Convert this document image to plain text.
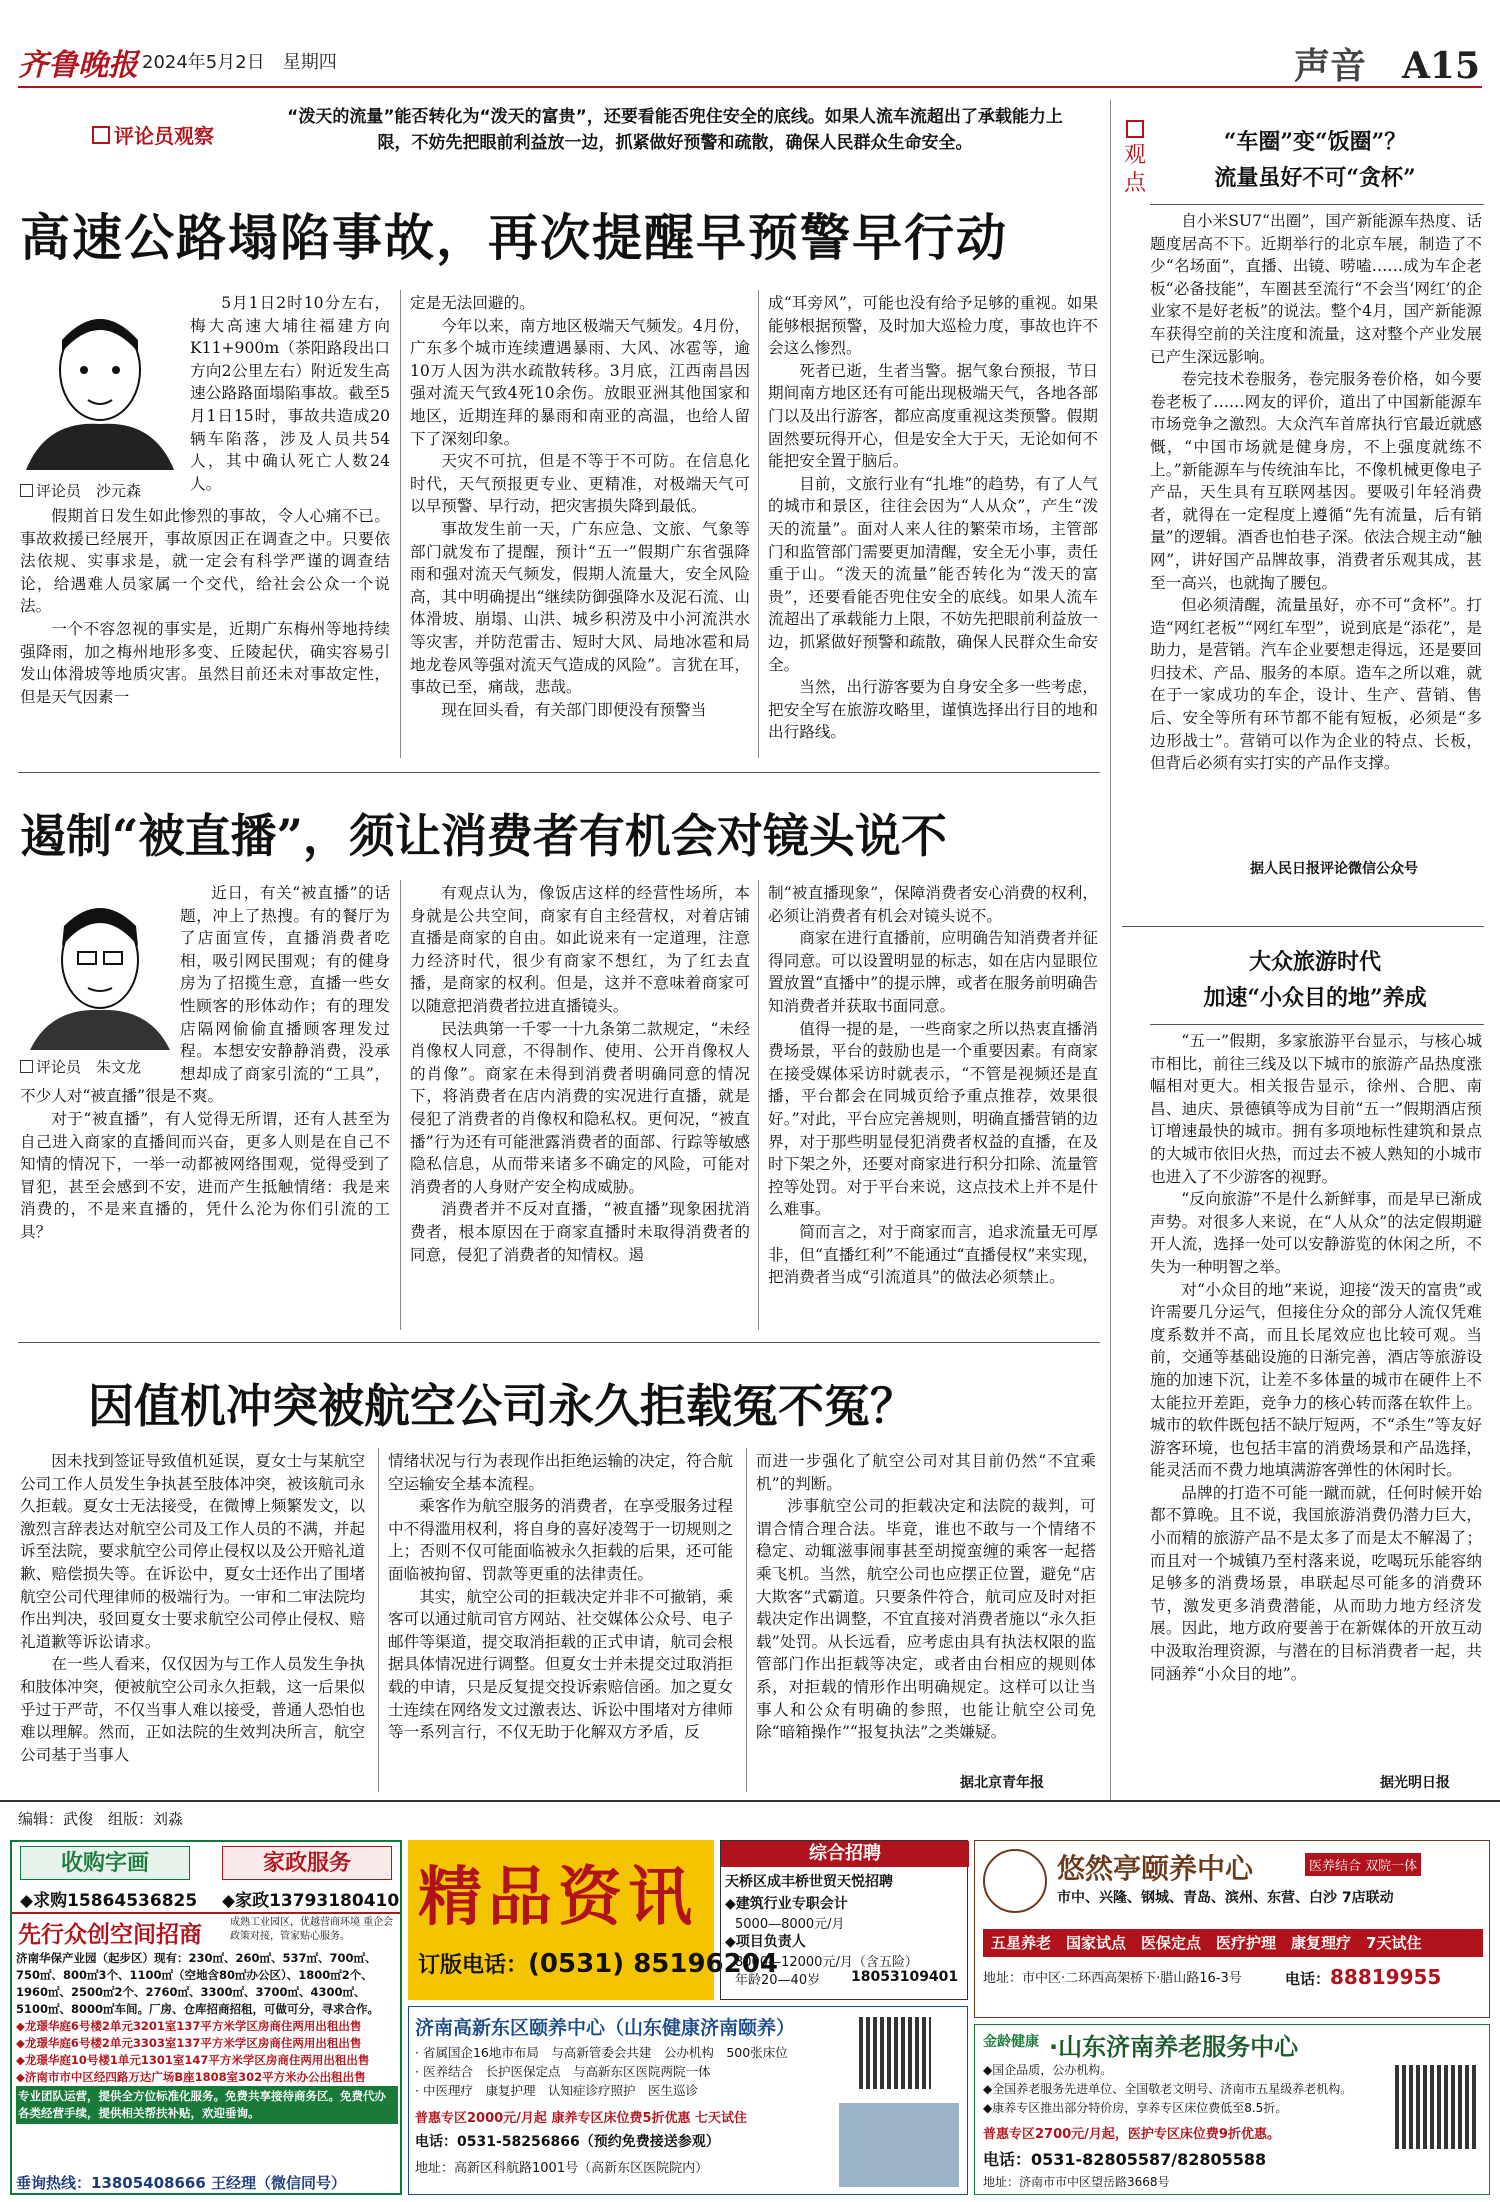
齐鲁晚报 2024年5月2日　 星期四	声音　 A15
评论员观察
“泼天的流量”能否转化为“泼天的富贵”，还要看能否兜住安全的底线。如果人流车流超出了承载能力上限，不妨先把眼前利益放一边，抓紧做好预警和疏散，确保人民群众生命安全。
高速公路塌陷事故，再次提醒早预警早行动
评论员　沙元森

5月1日2时10分左右，梅大高速大埔往福建方向K11+900m（茶阳路段出口方向2公里左右）附近发生高速公路路面塌陷事故。截至5月1日15时，事故共造成20辆车陷落，涉及人员共54人，其中确认死亡人数24人。

假期首日发生如此惨烈的事故，令人心痛不已。事故救援已经展开，事故原因正在调查之中。只要依法依规、实事求是，就一定会有科学严谨的调查结论，给遇难人员家属一个交代，给社会公众一个说法。

一个不容忽视的事实是，近期广东梅州等地持续强降雨，加之梅州地形多变、丘陵起伏，确实容易引发山体滑坡等地质灾害。虽然目前还未对事故定性，但是天气因素一

定是无法回避的。

今年以来，南方地区极端天气频发。4月份，广东多个城市连续遭遇暴雨、大风、冰雹等，逾10万人因为洪水疏散转移。3月底，江西南昌因强对流天气致4死10余伤。放眼亚洲其他国家和地区，近期连拜的暴雨和南亚的高温，也给人留下了深刻印象。

天灾不可抗，但是不等于不可防。在信息化时代，天气预报更专业、更精准，对极端天气可以早预警、早行动，把灾害损失降到最低。

事故发生前一天，广东应急、文旅、气象等部门就发布了提醒，预计“五一”假期广东省强降雨和强对流天气频发，假期人流量大，安全风险高，其中明确提出“继续防御强降水及泥石流、山体滑坡、崩塌、山洪、城乡积涝及中小河流洪水等灾害，并防范雷击、短时大风、局地冰雹和局地龙卷风等强对流天气造成的风险”。言犹在耳，事故已至，痛哉，悲哉。

现在回头看，有关部门即便没有预警当

成“耳旁风”，可能也没有给予足够的重视。如果能够根据预警，及时加大巡检力度，事故也许不会这么惨烈。

死者已逝，生者当警。据气象台预报，节日期间南方地区还有可能出现极端天气，各地各部门以及出行游客，都应高度重视这类预警。假期固然要玩得开心，但是安全大于天，无论如何不能把安全置于脑后。

目前，文旅行业有“扎堆”的趋势，有了人气的城市和景区，往往会因为“人从众”，产生“泼天的流量”。面对人来人往的繁荣市场，主管部门和监管部门需要更加清醒，安全无小事，责任重于山。“泼天的流量”能否转化为“泼天的富贵”，还要看能否兜住安全的底线。如果人流车流超出了承载能力上限，不妨先把眼前利益放一边，抓紧做好预警和疏散，确保人民群众生命安全。

当然，出行游客要为自身安全多一些考虑，把安全写在旅游攻略里，谨慎选择出行目的地和出行路线。

遏制“被直播”，须让消费者有机会对镜头说不
评论员　朱文龙

近日，有关“被直播”的话题，冲上了热搜。有的餐厅为了店面宣传，直播消费者吃相，吸引网民围观；有的健身房为了招揽生意，直播一些女性顾客的形体动作；有的理发店隔网偷偷直播顾客理发过程。本想安安静静消费，没承想却成了商家引流的“工具”，不少人对“被直播”很是不爽。

对于“被直播”，有人觉得无所谓，还有人甚至为自己进入商家的直播间而兴奋，更多人则是在自己不知情的情况下，一举一动都被网络围观，觉得受到了冒犯，甚至会感到不安，进而产生抵触情绪：我是来消费的，不是来直播的，凭什么沦为你们引流的工具？

有观点认为，像饭店这样的经营性场所，本身就是公共空间，商家有自主经营权，对着店铺直播是商家的自由。如此说来有一定道理，注意力经济时代，很少有商家不想红，为了红去直播，是商家的权利。但是，这并不意味着商家可以随意把消费者拉进直播镜头。

民法典第一千零一十九条第二款规定，“未经肖像权人同意，不得制作、使用、公开肖像权人的肖像”。商家在未得到消费者明确同意的情况下，将消费者在店内消费的实况进行直播，就是侵犯了消费者的肖像权和隐私权。更何况，“被直播”行为还有可能泄露消费者的面部、行踪等敏感隐私信息，从而带来诸多不确定的风险，可能对消费者的人身财产安全构成威胁。

消费者并不反对直播，“被直播”现象困扰消费者，根本原因在于商家直播时未取得消费者的同意，侵犯了消费者的知情权。遏

制“被直播现象”，保障消费者安心消费的权利，必须让消费者有机会对镜头说不。

商家在进行直播前，应明确告知消费者并征得同意。可以设置明显的标志，如在店内显眼位置放置“直播中”的提示牌，或者在服务前明确告知消费者并获取书面同意。

值得一提的是，一些商家之所以热衷直播消费场景，平台的鼓励也是一个重要因素。有商家在接受媒体采访时就表示，“不管是视频还是直播，平台都会在同城页给予重点推荐，效果很好。”对此，平台应完善规则，明确直播营销的边界，对于那些明显侵犯消费者权益的直播，在及时下架之外，还要对商家进行积分扣除、流量管控等处罚。对于平台来说，这点技术上并不是什么难事。

简而言之，对于商家而言，追求流量无可厚非，但“直播红利”不能通过“直播侵权”来实现，把消费者当成“引流道具”的做法必须禁止。

因值机冲突被航空公司永久拒载冤不冤？

因未找到签证导致值机延误，夏女士与某航空公司工作人员发生争执甚至肢体冲突，被该航司永久拒载。夏女士无法接受，在微博上频繁发文，以激烈言辞表达对航空公司及工作人员的不满，并起诉至法院，要求航空公司停止侵权以及公开赔礼道歉、赔偿损失等。在诉讼中，夏女士还作出了围堵航空公司代理律师的极端行为。一审和二审法院均作出判决，驳回夏女士要求航空公司停止侵权、赔礼道歉等诉讼请求。

在一些人看来，仅仅因为与工作人员发生争执和肢体冲突，便被航空公司永久拒载，这一后果似乎过于严苛，不仅当事人难以接受，普通人恐怕也难以理解。然而，正如法院的生效判决所言，航空公司基于当事人

情绪状况与行为表现作出拒绝运输的决定，符合航空运输安全基本流程。

乘客作为航空服务的消费者，在享受服务过程中不得滥用权利，将自身的喜好凌驾于一切规则之上；否则不仅可能面临被永久拒载的后果，还可能面临被拘留、罚款等更重的法律责任。

其实，航空公司的拒载决定并非不可撤销，乘客可以通过航司官方网站、社交媒体公众号、电子邮件等渠道，提交取消拒载的正式申请，航司会根据具体情况进行调整。但夏女士并未提交过取消拒载的申请，只是反复提交投诉索赔信函。加之夏女士连续在网络发文过激表达、诉讼中围堵对方律师等一系列言行，不仅无助于化解双方矛盾，反

而进一步强化了航空公司对其目前仍然“不宜乘机”的判断。

涉事航空公司的拒载决定和法院的裁判，可谓合情合理合法。毕竟，谁也不敢与一个情绪不稳定、动辄滋事闹事甚至胡搅蛮缠的乘客一起搭乘飞机。当然，航空公司也应摆正位置，避免“店大欺客”式霸道。只要条件符合，航司应及时对拒载决定作出调整，不宜直接对消费者施以“永久拒载”处罚。从长远看，应考虑由具有执法权限的监管部门作出拒载等决定，或者由台相应的规则体系，对拒载的情形作出明确规定。这样可以让当事人和公众有明确的参照，也能让航空公司免除“暗箱操作”“报复执法”之类嫌疑。

据北京青年报
观点
“车圈”变“饭圈”？
流量虽好不可“贪杯”

自小米SU7“出圈”，国产新能源车热度、话题度居高不下。近期举行的北京车展，制造了不少“名场面”，直播、出镜、唠嗑……成为车企老板“必备技能”，车圈甚至流行“不会当‘网红’的企业家不是好老板”的说法。整个4月，国产新能源车获得空前的关注度和流量，这对整个产业发展已产生深远影响。

卷完技术卷服务，卷完服务卷价格，如今要卷老板了……网友的评价，道出了中国新能源车市场竞争之激烈。大众汽车首席执行官最近就感慨，“中国市场就是健身房，不上强度就练不上。”新能源车与传统油车比，不像机械更像电子产品，天生具有互联网基因。要吸引年轻消费者，就得在一定程度上遵循“先有流量，后有销量”的逻辑。酒香也怕巷子深。依法合规主动“触网”，讲好国产品牌故事，消费者乐观其成，甚至一高兴，也就掏了腰包。

但必须清醒，流量虽好，亦不可“贪杯”。打造“网红老板”“网红车型”，说到底是“添花”，是助力，是营销。汽车企业要想走得远，还是要回归技术、产品、服务的本原。造车之所以难，就在于一家成功的车企，设计、生产、营销、售后、安全等所有环节都不能有短板，必须是“多边形战士”。营销可以作为企业的特点、长板，但背后必须有实打实的产品作支撑。

据人民日报评论微信公众号
大众旅游时代
加速“小众目的地”养成

“五一”假期，多家旅游平台显示，与核心城市相比，前往三线及以下城市的旅游产品热度涨幅相对更大。相关报告显示，徐州、合肥、南昌、迪庆、景德镇等成为目前“五一”假期酒店预订增速最快的城市。拥有多项地标性建筑和景点的大城市依旧火热，而过去不被人熟知的小城市也进入了不少游客的视野。

“反向旅游”不是什么新鲜事，而是早已渐成声势。对很多人来说，在“人从众”的法定假期避开人流，选择一处可以安静游览的休闲之所，不失为一种明智之举。

对“小众目的地”来说，迎接“泼天的富贵”或许需要几分运气，但接住分众的部分人流仅凭难度系数并不高，而且长尾效应也比较可观。当前，交通等基础设施的日渐完善，酒店等旅游设施的加速下沉，让差不多体量的城市在硬件上不太能拉开差距，竞争力的核心转而落在软件上。城市的软件既包括不缺厅短两，不“杀生”等友好游客环境，也包括丰富的消费场景和产品选择，能灵活而不费力地填满游客弹性的休闲时长。

品牌的打造不可能一蹴而就，任何时候开始都不算晚。且不说，我国旅游消费仍潜力巨大，小而精的旅游产品不是太多了而是太不解渴了；而且对一个城镇乃至村落来说，吃喝玩乐能容纳足够多的消费场景，串联起尽可能多的消费环节，激发更多消费潜能，从而助力地方经济发展。因此，地方政府要善于在新媒体的开放互动中汲取治理资源，与潜在的目标消费者一起，共同涵养“小众目的地”。

据光明日报
编辑：武俊　组版：刘淼
收购字画	家政服务
◆求购15864536825 ◆家政13793180410
先行众创空间招商	成熟工业园区，优越营商环境 重企会政策对接，管家贴心服务。
济南华保产业园（起步区）现有：230㎡、260㎡、537㎡、700㎡、
750㎡、800㎡3个、1100㎡（空地含80㎡办公区）、1800㎡2个、
1960㎡、2500㎡2个、2760㎡、3300㎡、3700㎡、4300㎡、
5100㎡、8000㎡车间。厂房、仓库招商招租，可做可分，寻求合作。
◆龙璟华庭6号楼2单元3201室137平方米学区房商住两用出租出售
◆龙璟华庭6号楼2单元3303室137平方米学区房商住两用出租出售
◆龙璟华庭10号楼1单元1301室147平方米学区房商住两用出租出售
◆济南市市中区经四路万达广场B座1808室302平方米办公出租出售
专业团队运营，提供全方位标准化服务。免费共享接待商务区。免费代办各类经营手续，提供相关帮扶补贴，欢迎垂询。
垂询热线：13805408666 王经理（微信同号）
精品资讯
订版电话：(0531) 85196204
综合招聘
天桥区成丰桥世贸天悦招聘
◆建筑行业专职会计
5000—8000元/月
◆项目负责人
8000—12000元/月（含五险）
年龄20—40岁 18053109401
济南高新东区颐养中心（山东健康济南颐养）
· 省属国企16地市布局　与高新管委会共建　公办机构　500张床位
· 医养结合　长护医保定点　与高新东区医院两院一体
· 中医理疗　康复护理　认知症诊疗照护　医生巡诊
普惠专区2000元/月起 康养专区床位费5折优惠 七天试住
电话：0531-58256866（预约免费接送参观）
地址：高新区科航路1001号（高新东区医院院内）
悠然亭颐养中心	医养结合 双院一体
市中、兴隆、钢城、青岛、滨州、东营、白沙 7店联动
五星养老　国家试点　医保定点　医疗护理　康复理疗　7天试住
地址：市中区·二环西高架桥下·腊山路16-3号	电话：88819955
金龄健康 ·山东济南养老服务中心
◆国企品质，公办机构。
◆全国养老服务先进单位、全国敬老文明号、济南市五星级养老机构。
◆康养专区推出部分特价房，享养专区床位费低至8.5折。
普惠专区2700元/月起，医护专区床位费9折优惠。
电话：0531-82805587/82805588
地址：济南市市中区望岳路3668号
